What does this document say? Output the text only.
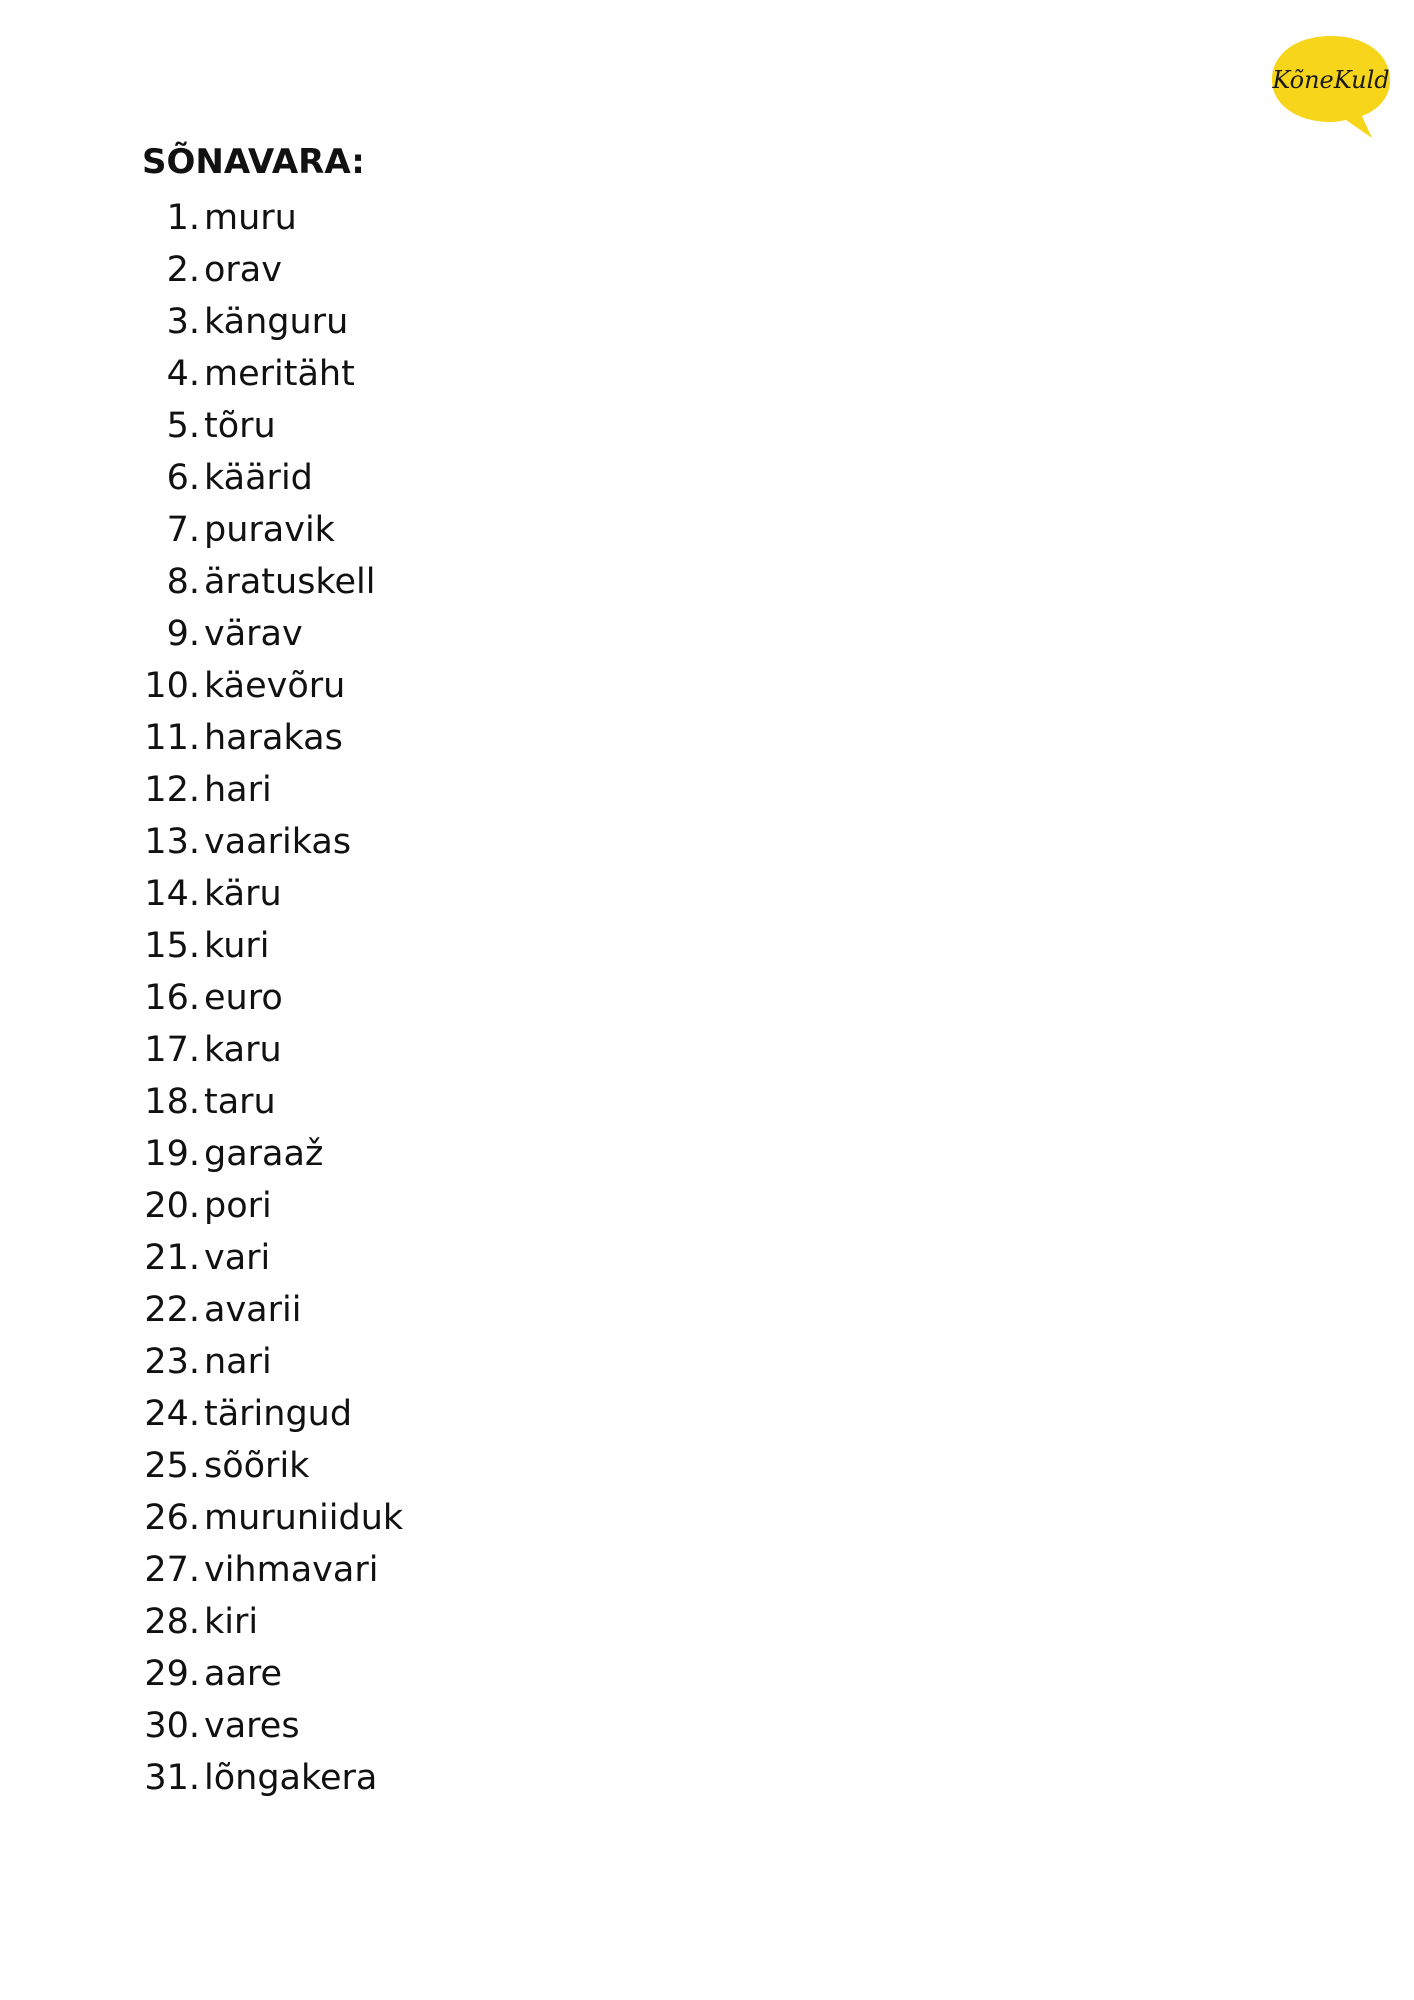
KõneKuld
SÕNAVARA:
1. muru
2. orav
3. känguru
4. meritäht
5. tõru
6. käärid
7. puravik
8. äratuskell
9. värav
10. käevõru
11. harakas
12. hari
13. vaarikas
14. käru
15. kuri
16. euro
17. karu
18. taru
19. garaaž
20. pori
21. vari
22. avarii
23. nari
24. täringud
25. sõõrik
26. muruniiduk
27. vihmavari
28. kiri
29. aare
30. vares
31. lõngakera
